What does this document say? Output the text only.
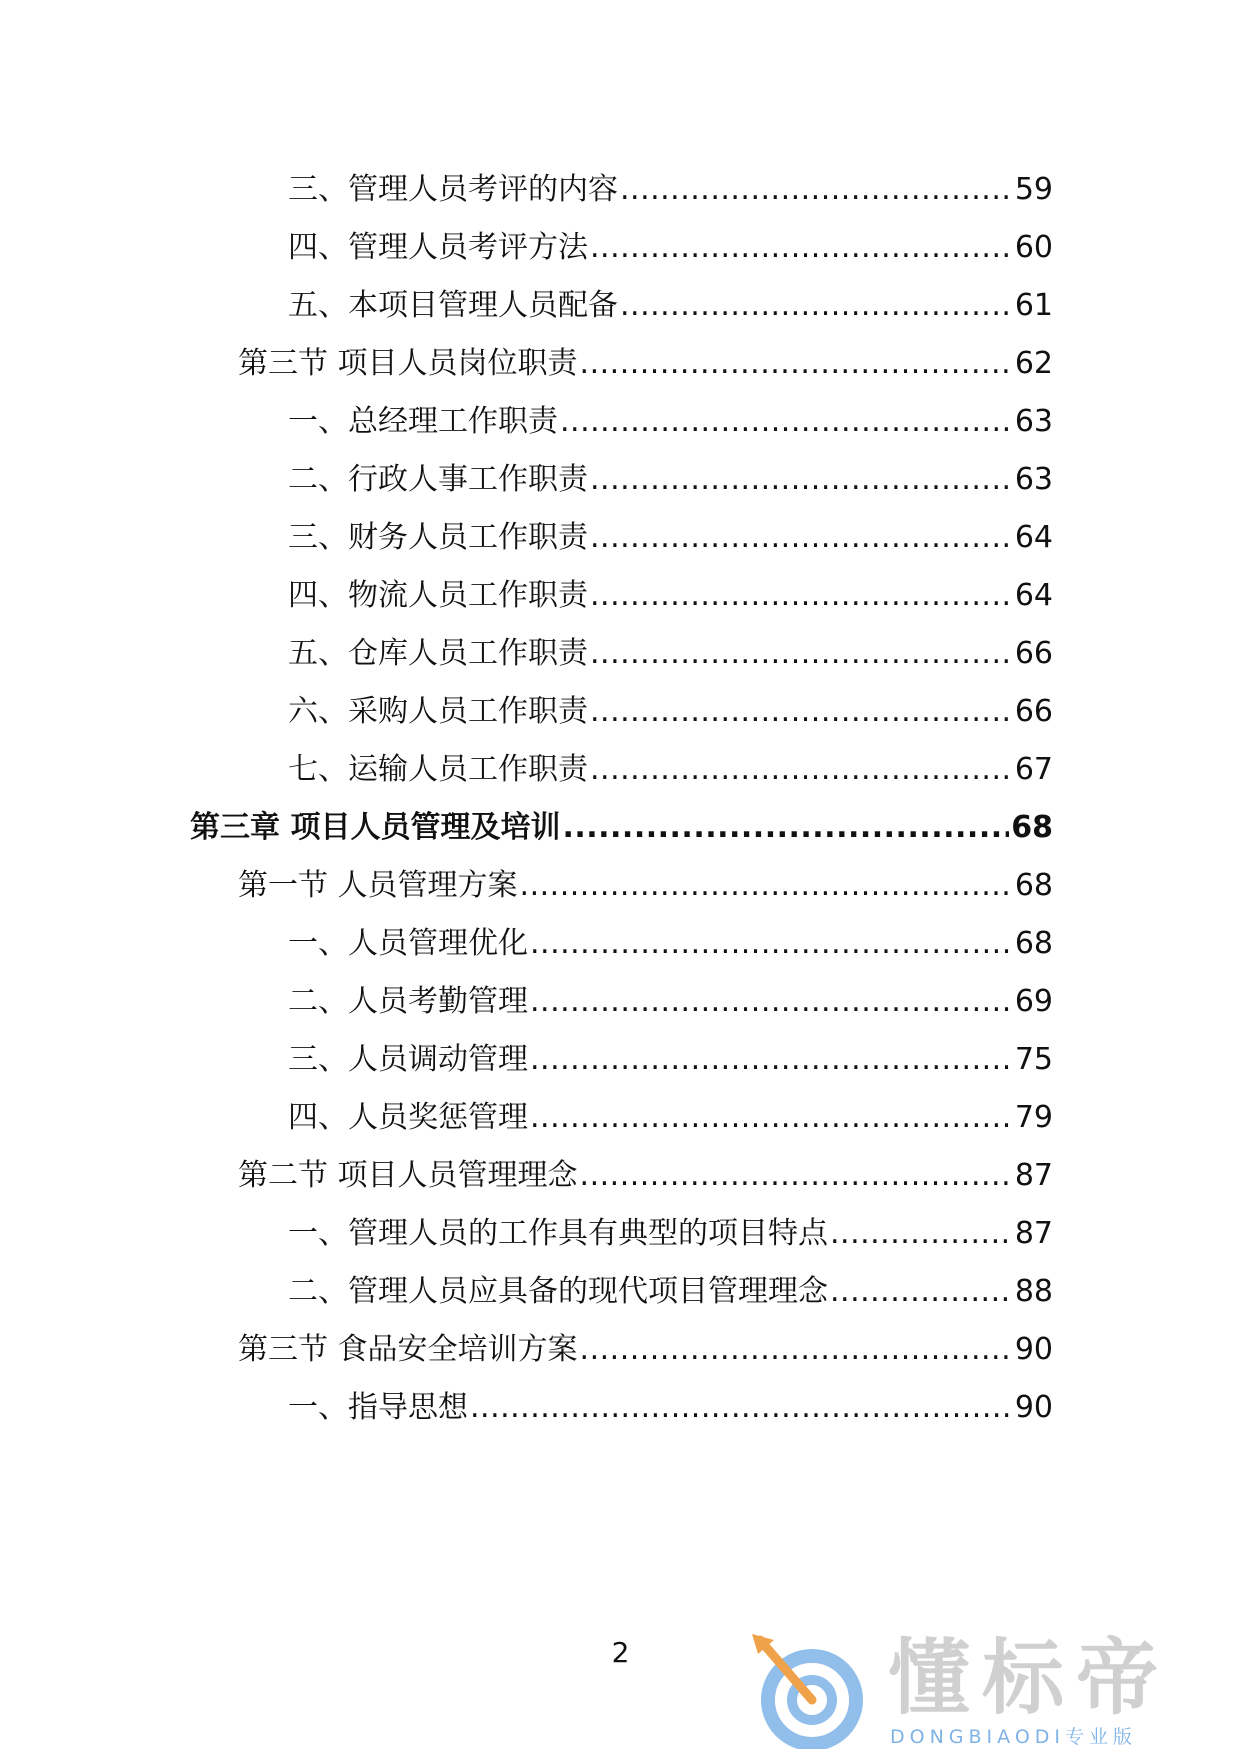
三、管理人员考评的内容 .....	59
四、管理人员考评方法 .....	60
五、本项目管理人员配备 .....	61
第三节 项目人员岗位职责 .....	62
一、总经理工作职责 .....	63
二、行政人事工作职责 .....	63
三、财务人员工作职责 .....	64
四、物流人员工作职责 .....	64
五、仓库人员工作职责 .....	66
六、采购人员工作职责 .....	66
七、运输人员工作职责 .....	67
第三章 项目人员管理及培训 .....	68
第一节 人员管理方案 .....	68
一、人员管理优化 .....	68
二、人员考勤管理 .....	69
三、人员调动管理 .....	75
四、人员奖惩管理 .....	79
第二节 项目人员管理理念 .....	87
一、管理人员的工作具有典型的项目特点 .....	87
二、管理人员应具备的现代项目管理理念 .....	88
第三节 食品安全培训方案 .....	90
一、指导思想 .....	90
2	懂标帝
DONGBIAODI专业版
